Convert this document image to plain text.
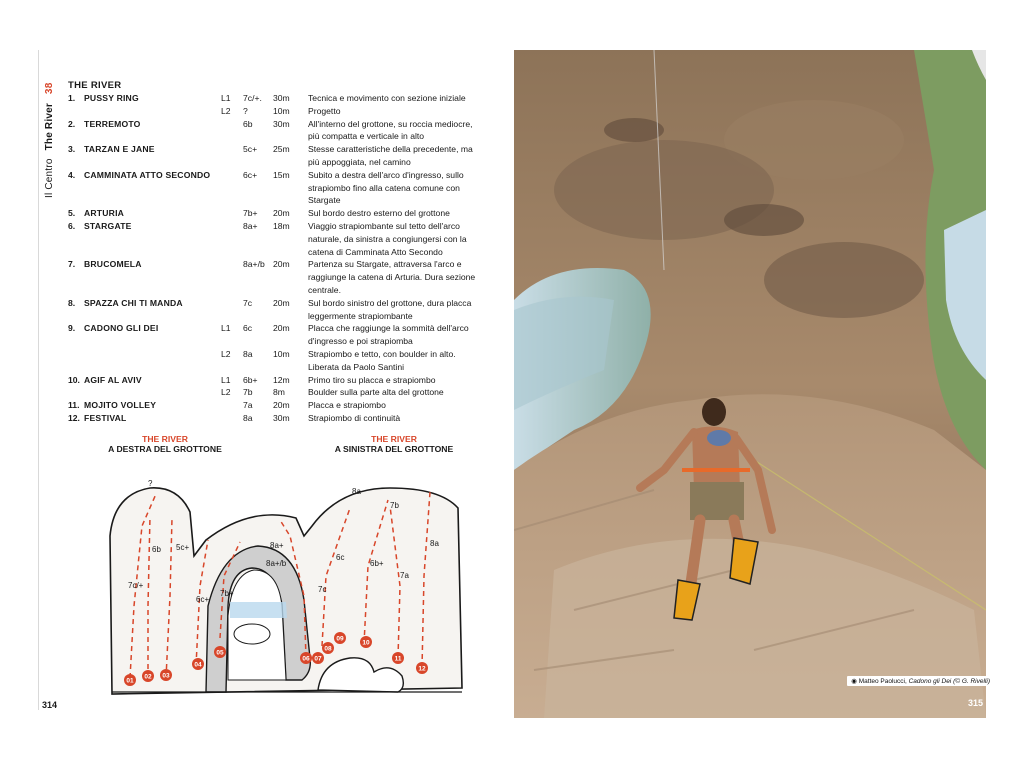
Il Centro The River 38 THE RIVER
1.	PUSSY RING	L1 7c/+. 30m Tecnica e movimento con sezione iniziale
L2 ?	10m Progetto
2.	TERREMOTO	6b 30m All'interno del grottone, su roccia mediocre, più compatta e verticale in alto
3.	TARZAN E JANE	5c+ 25m Stesse caratteristiche della precedente, ma più appoggiata, nel camino
4.	CAMMINATA ATTO SECONDO	6c+ 15m Subito a destra dell'arco d'ingresso, sullo strapiombo fino alla catena comune con Stargate
5.	ARTURIA	7b+ 20m Sul bordo destro esterno del grottone
6.	STARGATE	8a+ 18m Viaggio strapiombante sul tetto dell'arco naturale, da sinistra a congiungersi con la catena di Camminata Atto Secondo
7.	BRUCOMELA	8a+/b 20m Partenza su Stargate, attraversa l'arco e raggiunge la catena di Arturia. Dura sezione centrale.
8.	SPAZZA CHI TI MANDA	7c 20m Sul bordo sinistro del grottone, dura placca leggermente strapiombante
9.	CADONO GLI DEI	L1 6c 20m Placca che raggiunge la sommità dell'arco d'ingresso e poi strapiomba
L2 8a 10m Strapiombo e tetto, con boulder in alto. Liberata da Paolo Santini
10. AGIF AL AVIV	L1 6b+ 12m Primo tiro su placca e strapiombo
L2 7b 8m	Boulder sulla parte alta del grottone
11. MOJITO VOLLEY	7a 20m Placca e strapiombo
12. FESTIVAL	8a 30m Strapiombo di continuità
THE RIVER
A DESTRA DEL GROTTONE
THE RIVER
A SINISTRA DEL GROTTONE
?
6b 5c+
7c/+
6c+
7b+
8a+
8a+/b
7c
6c
6b+
8a
7b
7a
8a
01
02 03
04
05
06 07
08
09
10
11
12
314
◉ Matteo Paolucci, Cadono gli Dei (© G. Rivelli)
315
